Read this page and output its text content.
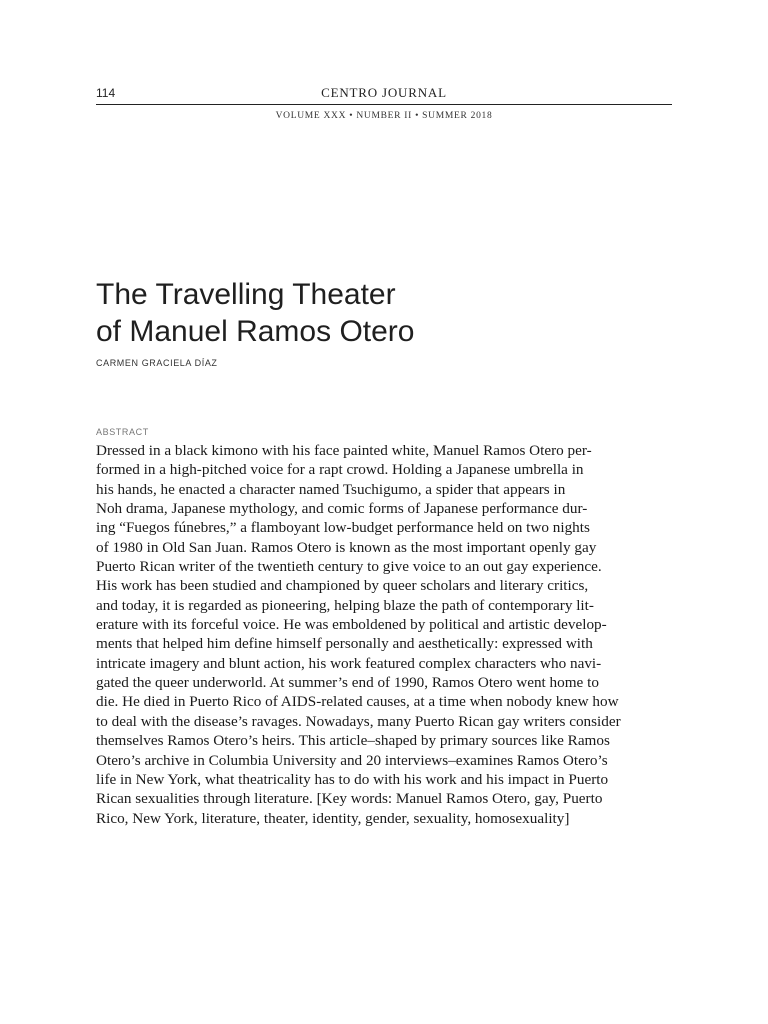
114	CENTRO JOURNAL
VOLUME XXX • NUMBER II • SUMMER 2018
The Travelling Theater
of Manuel Ramos Otero
CARMEN GRACIELA DÍAZ
ABSTRACT
Dressed in a black kimono with his face painted white, Manuel Ramos Otero per-
formed in a high-pitched voice for a rapt crowd. Holding a Japanese umbrella in
his hands, he enacted a character named Tsuchigumo, a spider that appears in
Noh drama, Japanese mythology, and comic forms of Japanese performance dur-
ing “Fuegos fúnebres,” a flamboyant low-budget performance held on two nights
of 1980 in Old San Juan. Ramos Otero is known as the most important openly gay
Puerto Rican writer of the twentieth century to give voice to an out gay experience.
His work has been studied and championed by queer scholars and literary critics,
and today, it is regarded as pioneering, helping blaze the path of contemporary lit-
erature with its forceful voice. He was emboldened by political and artistic develop-
ments that helped him define himself personally and aesthetically: expressed with
intricate imagery and blunt action, his work featured complex characters who navi-
gated the queer underworld. At summer’s end of 1990, Ramos Otero went home to
die. He died in Puerto Rico of AIDS-related causes, at a time when nobody knew how
to deal with the disease’s ravages. Nowadays, many Puerto Rican gay writers consider
themselves Ramos Otero’s heirs. This article–shaped by primary sources like Ramos
Otero’s archive in Columbia University and 20 interviews–examines Ramos Otero’s
life in New York, what theatricality has to do with his work and his impact in Puerto
Rican sexualities through literature. [Key words: Manuel Ramos Otero, gay, Puerto
Rico, New York, literature, theater, identity, gender, sexuality, homosexuality]
